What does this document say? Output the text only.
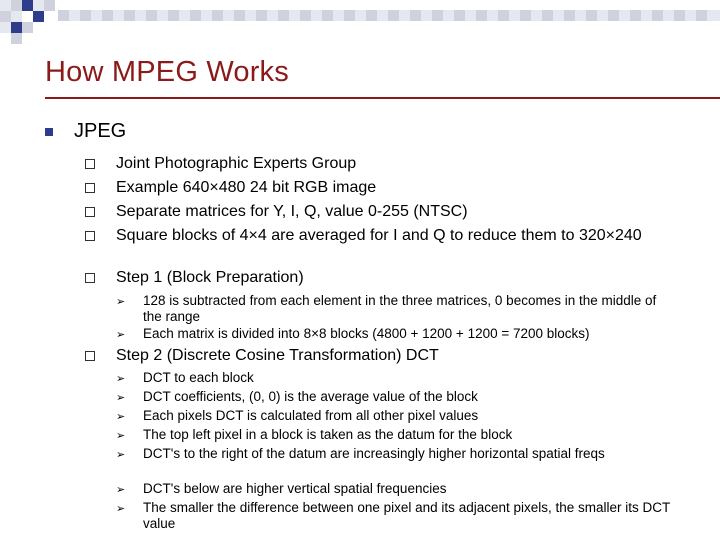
How MPEG Works
JPEG
Joint Photographic Experts Group
Example 640×480 24 bit RGB image
Separate matrices for Y, I, Q, value 0-255 (NTSC)
Square blocks of 4×4 are averaged for I and Q to reduce them to 320×240
Step 1 (Block Preparation)
➢ 128 is subtracted from each element in the three matrices, 0 becomes in the middle of the range
➢ Each matrix is divided into 8×8 blocks (4800 + 1200 + 1200 = 7200 blocks)
Step 2 (Discrete Cosine Transformation) DCT
➢ DCT to each block
➢ DCT coefficients, (0, 0) is the average value of the block
➢ Each pixels DCT is calculated from all other pixel values
➢ The top left pixel in a block is taken as the datum for the block
➢ DCT's to the right of the datum are increasingly higher horizontal spatial freqs
➢ DCT's below are higher vertical spatial frequencies
➢ The smaller the difference between one pixel and its adjacent pixels, the smaller its DCT value
